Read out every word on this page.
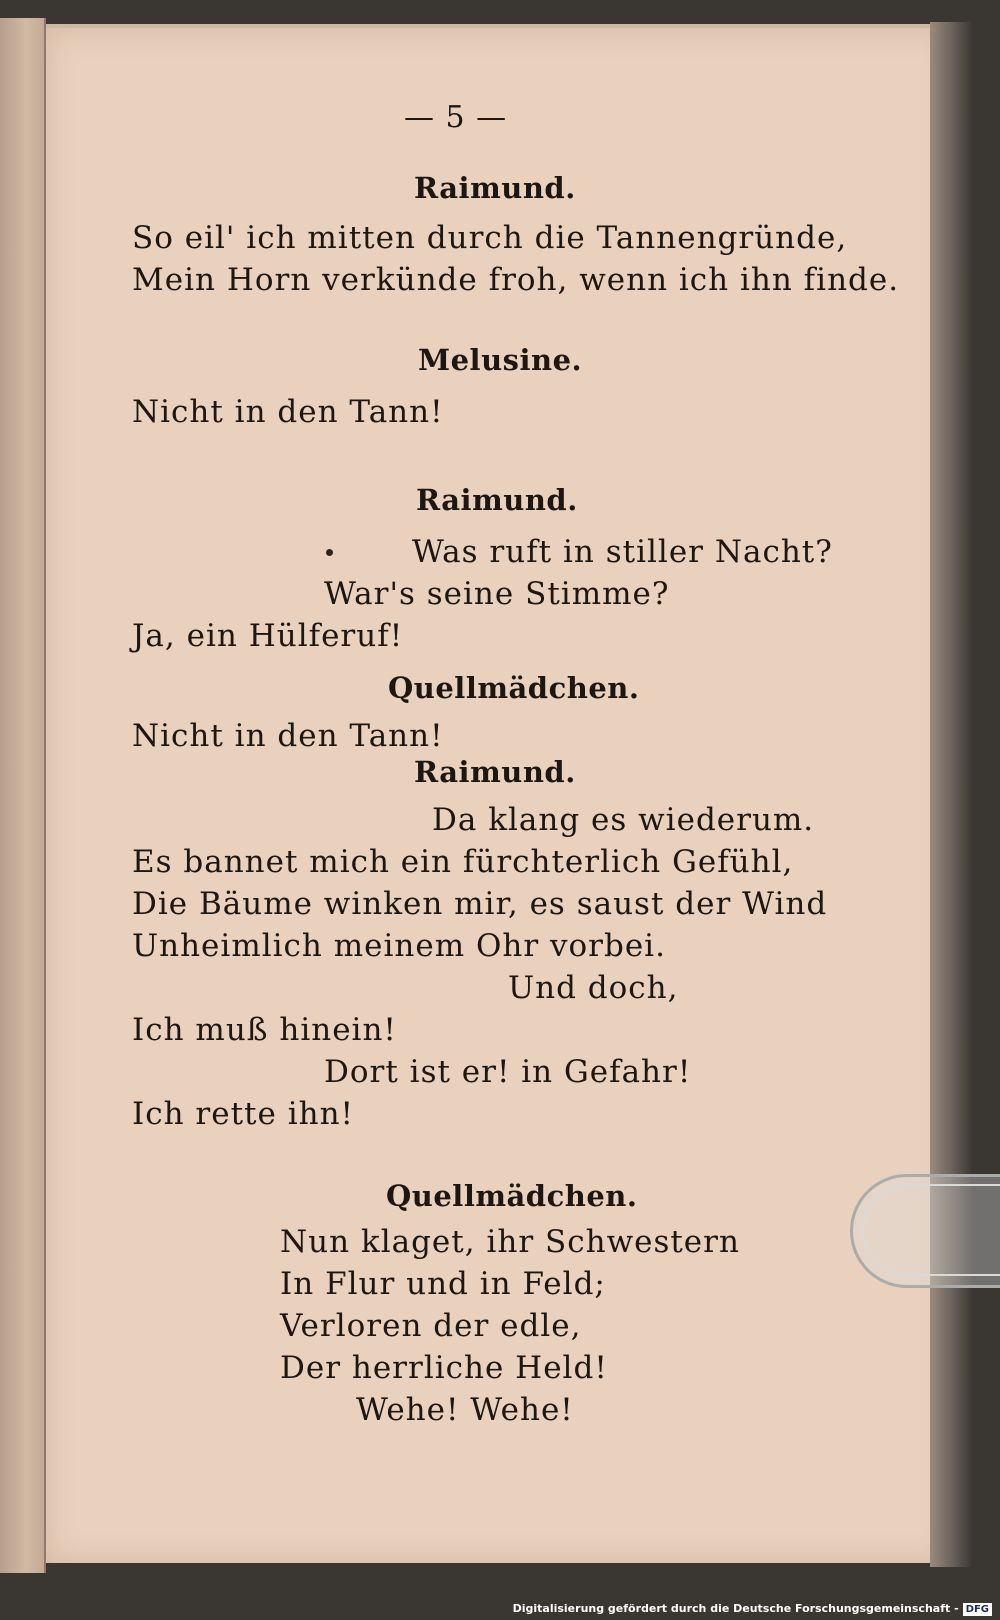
— 5 —
Raimund.
So eil' ich mitten durch die Tannengründe,
Mein Horn verkünde froh, wenn ich ihn finde.
Melusine.
Nicht in den Tann!
Raimund.
Was ruft in stiller Nacht?
War's seine Stimme?
Ja, ein Hülferuf!
Quellmädchen.
Nicht in den Tann!
Raimund.
Da klang es wiederum.
Es bannet mich ein fürchterlich Gefühl,
Die Bäume winken mir, es saust der Wind
Unheimlich meinem Ohr vorbei.
Und doch,
Ich muß hinein!
Dort ist er! in Gefahr!
Ich rette ihn!
Quellmädchen.
Nun klaget, ihr Schwestern
In Flur und in Feld;
Verloren der edle,
Der herrliche Held!
Wehe! Wehe!
Digitalisierung gefördert durch die Deutsche Forschungsgemeinschaft - DFG
